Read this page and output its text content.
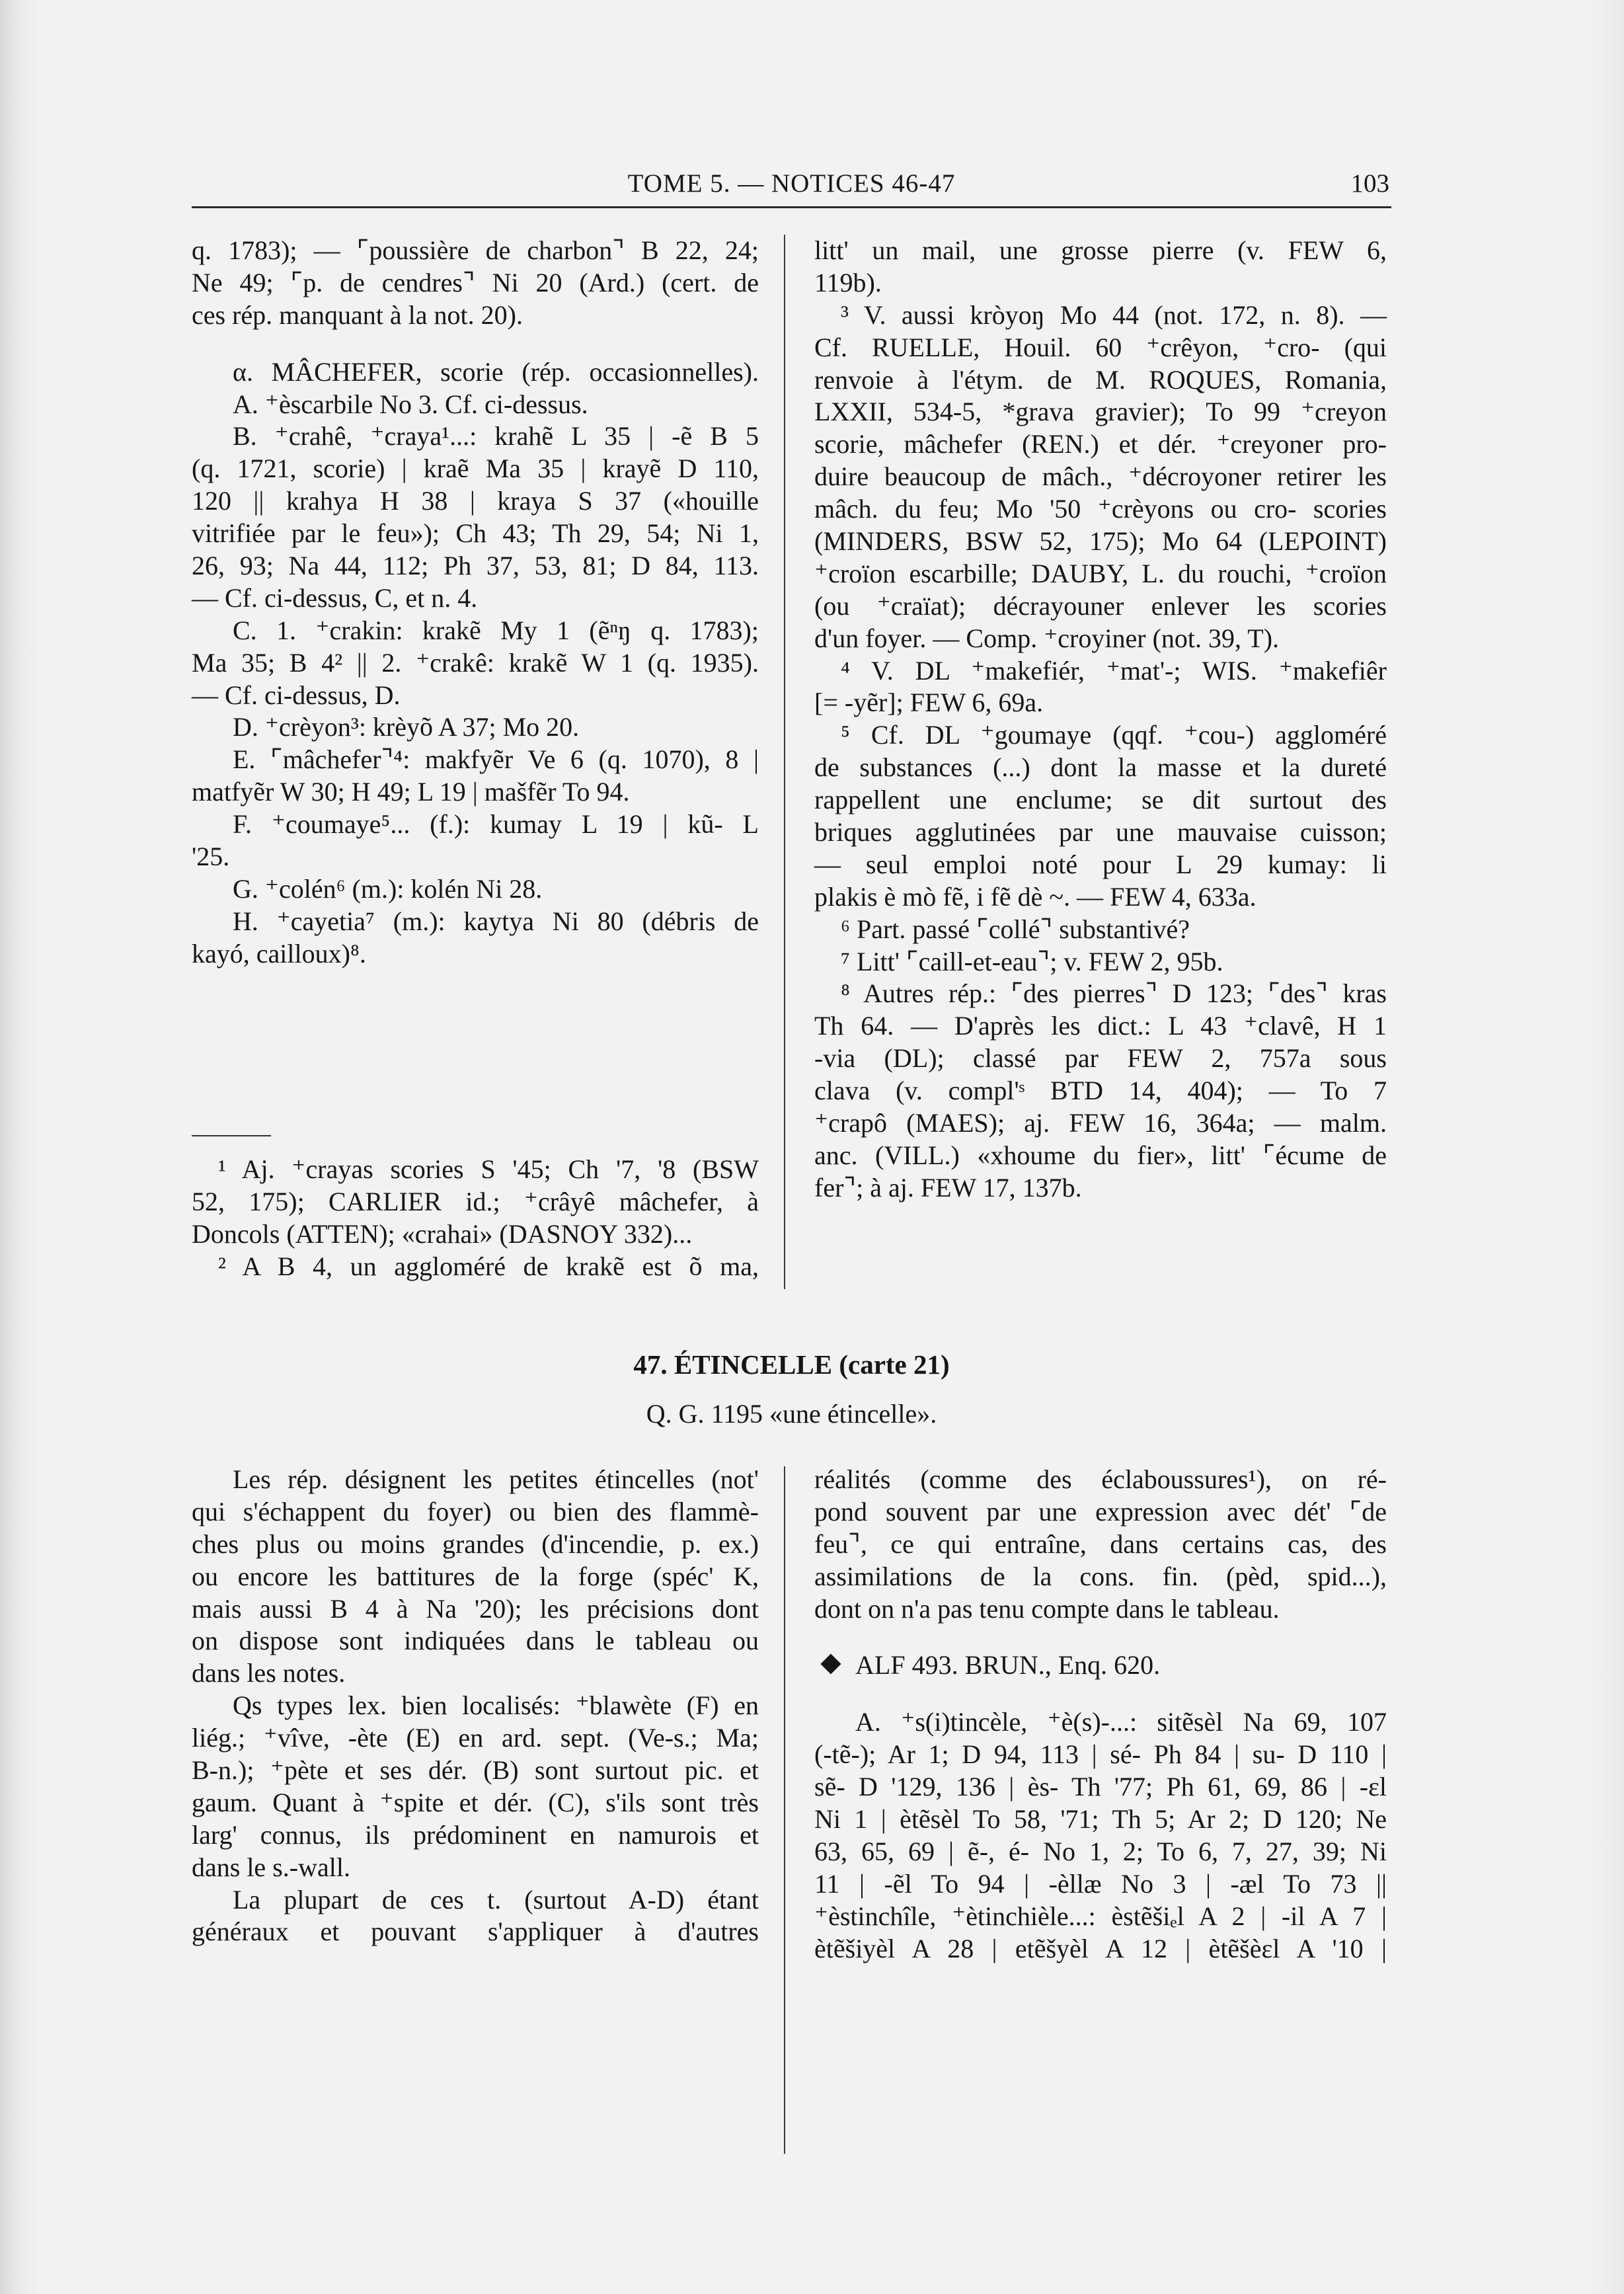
TOME 5. — NOTICES 46-47	103
q. 1783); — ⌜poussière de charbon⌝ B 22, 24;
Ne 49; ⌜p. de cendres⌝ Ni 20 (Ard.) (cert. de
ces rép. manquant à la not. 20).
α. MÂCHEFER, scorie (rép. occasionnelles).
A. ⁺èscarbile No 3. Cf. ci-dessus.
B. ⁺crahê, ⁺craya¹...: krahẽ L 35 | -ẽ B 5
(q. 1721, scorie) | kraẽ Ma 35 | krayẽ D 110,
120 || krahya H 38 | kraya S 37 («houille
vitrifiée par le feu»); Ch 43; Th 29, 54; Ni 1,
26, 93; Na 44, 112; Ph 37, 53, 81; D 84, 113.
— Cf. ci-dessus, C, et n. 4.
C. 1. ⁺crakin: krakẽ My 1 (ẽⁿŋ q. 1783);
Ma 35; B 4² || 2. ⁺crakê: krakẽ W 1 (q. 1935).
— Cf. ci-dessus, D.
D. ⁺crèyon³: krèyõ A 37; Mo 20.
E. ⌜mâchefer⌝⁴: makfyẽr Ve 6 (q. 1070), 8 |
matfyẽr W 30; H 49; L 19 | mašfẽr To 94.
F. ⁺coumaye⁵... (f.): kumay L 19 | kũ- L
'25.
G. ⁺colén⁶ (m.): kolén Ni 28.
H. ⁺cayetia⁷ (m.): kaytya Ni 80 (débris de
kayó, cailloux)⁸.
¹ Aj. ⁺crayas scories S '45; Ch '7, '8 (BSW
52, 175); CARLIER id.; ⁺crâyê mâchefer, à
Doncols (ATTEN); «crahai» (DASNOY 332)...
² A B 4, un aggloméré de krakẽ est õ ma,
litt' un mail, une grosse pierre (v. FEW 6,
119b).
³ V. aussi kròyoŋ Mo 44 (not. 172, n. 8). —
Cf. RUELLE, Houil. 60 ⁺crêyon, ⁺cro- (qui
renvoie à l'étym. de M. ROQUES, Romania,
LXXII, 534-5, *grava gravier); To 99 ⁺creyon
scorie, mâchefer (REN.) et dér. ⁺creyoner pro-
duire beaucoup de mâch., ⁺décroyoner retirer les
mâch. du feu; Mo '50 ⁺crèyons ou cro- scories
(MINDERS, BSW 52, 175); Mo 64 (LEPOINT)
⁺croïon escarbille; DAUBY, L. du rouchi, ⁺croïon
(ou ⁺craïat); décrayouner enlever les scories
d'un foyer. — Comp. ⁺croyiner (not. 39, T).
⁴ V. DL ⁺makefiér, ⁺mat'-; WIS. ⁺makefiêr
[= -yẽr]; FEW 6, 69a.
⁵ Cf. DL ⁺goumaye (qqf. ⁺cou-) aggloméré
de substances (...) dont la masse et la dureté
rappellent une enclume; se dit surtout des
briques agglutinées par une mauvaise cuisson;
— seul emploi noté pour L 29 kumay: li
plakis è mò fẽ, i fẽ dè ~. — FEW 4, 633a.
⁶ Part. passé ⌜collé⌝ substantivé?
⁷ Litt' ⌜caill-et-eau⌝; v. FEW 2, 95b.
⁸ Autres rép.: ⌜des pierres⌝ D 123; ⌜des⌝ kras
Th 64. — D'après les dict.: L 43 ⁺clavê, H 1
-via (DL); classé par FEW 2, 757a sous
clava (v. compl'ˢ BTD 14, 404); — To 7
⁺crapô (MAES); aj. FEW 16, 364a; — malm.
anc. (VILL.) «xhoume du fier», litt' ⌜écume de
fer⌝; à aj. FEW 17, 137b.
47. ÉTINCELLE (carte 21)
Q. G. 1195 «une étincelle».
Les rép. désignent les petites étincelles (not'
qui s'échappent du foyer) ou bien des flammè-
ches plus ou moins grandes (d'incendie, p. ex.)
ou encore les battitures de la forge (spéc' K,
mais aussi B 4 à Na '20); les précisions dont
on dispose sont indiquées dans le tableau ou
dans les notes.
Qs types lex. bien localisés: ⁺blawète (F) en
liég.; ⁺vîve, -ète (E) en ard. sept. (Ve-s.; Ma;
B-n.); ⁺pète et ses dér. (B) sont surtout pic. et
gaum. Quant à ⁺spite et dér. (C), s'ils sont très
larg' connus, ils prédominent en namurois et
dans le s.-wall.
La plupart de ces t. (surtout A-D) étant
généraux et pouvant s'appliquer à d'autres
réalités (comme des éclaboussures¹), on ré-
pond souvent par une expression avec dét' ⌜de
feu⌝, ce qui entraîne, dans certains cas, des
assimilations de la cons. fin. (pèd, spid...),
dont on n'a pas tenu compte dans le tableau.
ALF 493. BRUN., Enq. 620.
A. ⁺s(i)tincèle, ⁺è(s)-...: sitẽsèl Na 69, 107
(-tẽ-); Ar 1; D 94, 113 | sé- Ph 84 | su- D 110 |
sẽ- D '129, 136 | ès- Th '77; Ph 61, 69, 86 | -ɛl
Ni 1 | ètẽsèl To 58, '71; Th 5; Ar 2; D 120; Ne
63, 65, 69 | ẽ-, é- No 1, 2; To 6, 7, 27, 39; Ni
11 | -ẽl To 94 | -èllæ No 3 | -æl To 73 ||
⁺èstinchîle, ⁺ètinchièle...: èstẽšiₑl A 2 | -il A 7 |
ètẽšiyèl A 28 | etẽšyèl A 12 | ètẽšèɛl A '10 |
